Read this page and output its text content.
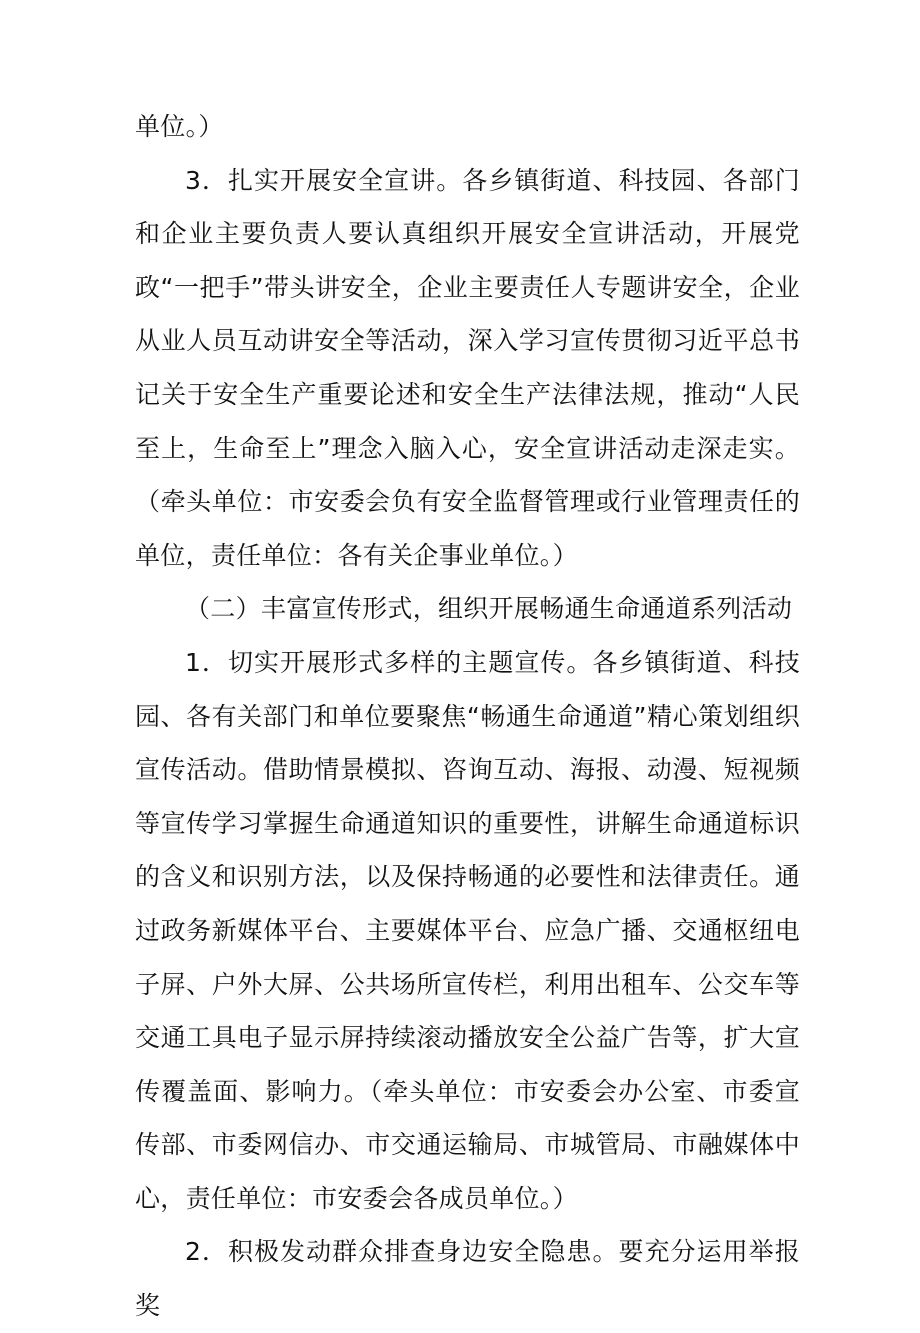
单位。）

3．扎实开展安全宣讲。各乡镇街道、科技园、各部门和企业主要负责人要认真组织开展安全宣讲活动，开展党政“一把手”带头讲安全，企业主要责任人专题讲安全，企业从业人员互动讲安全等活动，深入学习宣传贯彻习近平总书记关于安全生产重要论述和安全生产法律法规，推动“人民至上，生命至上”理念入脑入心，安全宣讲活动走深走实。（牵头单位：市安委会负有安全监督管理或行业管理责任的单位，责任单位：各有关企事业单位。）

（二）丰富宣传形式，组织开展畅通生命通道系列活动

1．切实开展形式多样的主题宣传。各乡镇街道、科技园、各有关部门和单位要聚焦“畅通生命通道”精心策划组织宣传活动。借助情景模拟、咨询互动、海报、动漫、短视频等宣传学习掌握生命通道知识的重要性，讲解生命通道标识的含义和识别方法，以及保持畅通的必要性和法律责任。通过政务新媒体平台、主要媒体平台、应急广播、交通枢纽电子屏、户外大屏、公共场所宣传栏，利用出租车、公交车等交通工具电子显示屏持续滚动播放安全公益广告等，扩大宣传覆盖面、影响力。（牵头单位：市安委会办公室、市委宣传部、市委网信办、市交通运输局、市城管局、市融媒体中心，责任单位：市安委会各成员单位。）

2．积极发动群众排查身边安全隐患。要充分运用举报奖
